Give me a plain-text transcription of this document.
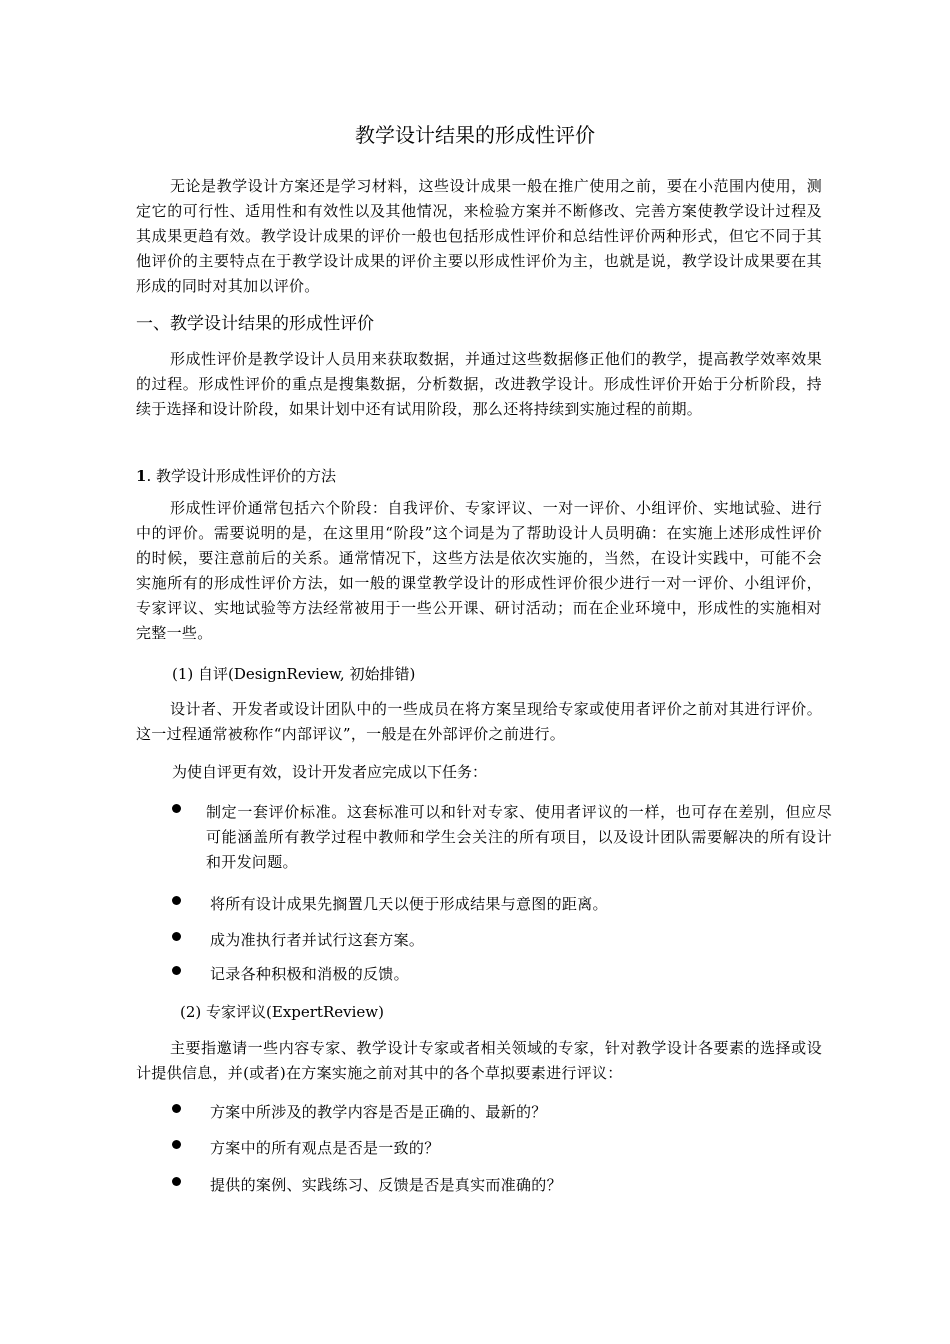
教学设计结果的形成性评价

无论是教学设计方案还是学习材料，这些设计成果一般在推广使用之前，要在小范围内使用，测定它的可行性、适用性和有效性以及其他情况，来检验方案并不断修改、完善方案使教学设计过程及其成果更趋有效。教学设计成果的评价一般也包括形成性评价和总结性评价两种形式，但它不同于其他评价的主要特点在于教学设计成果的评价主要以形成性评价为主，也就是说，教学设计成果要在其形成的同时对其加以评价。

一、教学设计结果的形成性评价

形成性评价是教学设计人员用来获取数据，并通过这些数据修正他们的教学，提高教学效率效果的过程。形成性评价的重点是搜集数据，分析数据，改进教学设计。形成性评价开始于分析阶段，持续于选择和设计阶段，如果计划中还有试用阶段，那么还将持续到实施过程的前期。

1. 教学设计形成性评价的方法

形成性评价通常包括六个阶段：自我评价、专家评议、一对一评价、小组评价、实地试验、进行中的评价。需要说明的是，在这里用“阶段”这个词是为了帮助设计人员明确：在实施上述形成性评价的时候，要注意前后的关系。通常情况下，这些方法是依次实施的，当然，在设计实践中，可能不会实施所有的形成性评价方法，如一般的课堂教学设计的形成性评价很少进行一对一评价、小组评价，专家评议、实地试验等方法经常被用于一些公开课、研讨活动；而在企业环境中，形成性的实施相对完整一些。

(1) 自评(DesignReview, 初始排错)

设计者、开发者或设计团队中的一些成员在将方案呈现给专家或使用者评价之前对其进行评价。这一过程通常被称作“内部评议”，一般是在外部评价之前进行。

为使自评更有效，设计开发者应完成以下任务：
制定一套评价标准。这套标准可以和针对专家、使用者评议的一样，也可存在差别，但应尽可能涵盖所有教学过程中教师和学生会关注的所有项目，以及设计团队需要解决的所有设计和开发问题。
将所有设计成果先搁置几天以便于形成结果与意图的距离。
成为准执行者并试行这套方案。
记录各种积极和消极的反馈。
(2) 专家评议(ExpertReview)

主要指邀请一些内容专家、教学设计专家或者相关领域的专家，针对教学设计各要素的选择或设计提供信息，并(或者)在方案实施之前对其中的各个草拟要素进行评议：

方案中所涉及的教学内容是否是正确的、最新的？
方案中的所有观点是否是一致的？
提供的案例、实践练习、反馈是否是真实而准确的？
